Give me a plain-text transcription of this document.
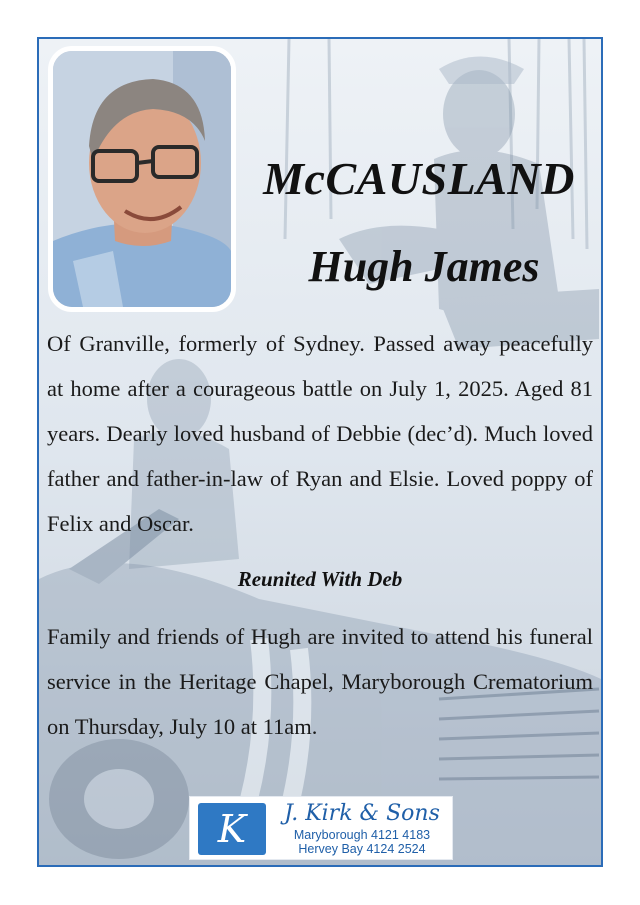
McCAUSLAND
Hugh James

Of Granville, formerly of Sydney. Passed away peacefully at home after a courageous battle on July 1, 2025. Aged 81 years. Dearly loved husband of Debbie (dec’d). Much loved father and father-in-law of Ryan and Elsie. Loved poppy of Felix and Oscar.

Reunited With Deb

Family and friends of Hugh are invited to attend his funeral service in the Heritage Chapel, Maryborough Crematorium on Thursday, July 10 at 11am.

K	J. Kirk & Sons

Maryborough 4121 4183

Hervey Bay 4124 2524
